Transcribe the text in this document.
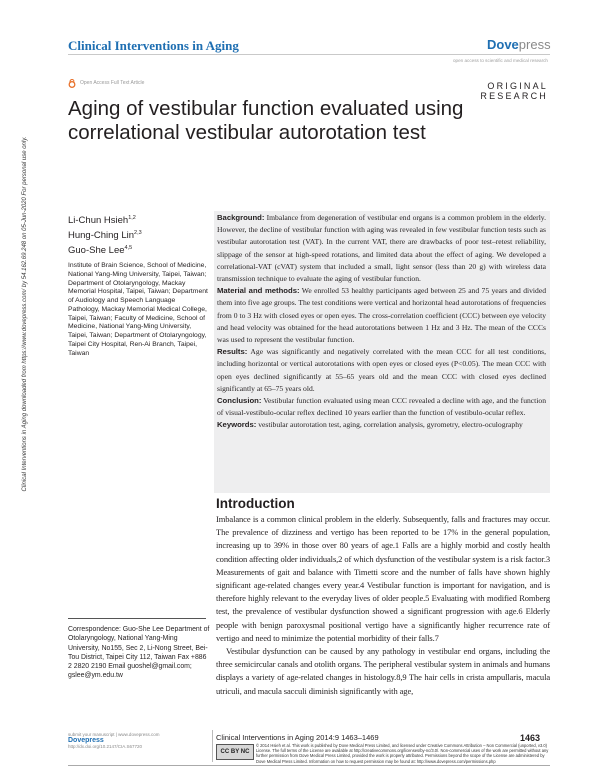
Clinical Interventions in Aging	Dovepress
open access to scientific and medical research
Open Access Full Text Article	ORIGINAL RESEARCH
Aging of vestibular function evaluated using correlational vestibular autorotation test
Clinical Interventions in Aging downloaded from https://www.dovepress.com/ by 54.162.69.248 on 05-Jun-2020 For personal use only.	Li-Chun Hsieh$^{1,2}$
Hung-Ching Lin$^{2,3}$
Guo-She Lee$^{4,5}$
Institute of Brain Science, School of Medicine, National Yang-Ming University, Taipei, Taiwan; Department of Otolaryngology, Mackay Memorial Hospital, Taipei, Taiwan; Department of Audiology and Speech Language Pathology, Mackay Memorial Medical College, Taipei, Taiwan; Faculty of Medicine, School of Medicine, National Yang-Ming University, Taipei, Taiwan; Department of Otolaryngology, Taipei City Hospital, Ren-Ai Branch, Taipei, Taiwan
Background: Imbalance from degeneration of vestibular end organs is a common problem in the elderly. However, the decline of vestibular function with aging was revealed in few vestibular function tests such as vestibular autorotation test (VAT). In the current VAT, there are drawbacks of poor test–retest reliability, slippage of the sensor at high-speed rotations, and limited data about the effect of aging. We developed a correlational-VAT (cVAT) system that included a small, light sensor (less than 20 g) with wireless data transmission technique to evaluate the aging of vestibular function.
Material and methods: We enrolled 53 healthy participants aged between 25 and 75 years and divided them into five age groups. The test conditions were vertical and horizontal head autorotations of frequencies from 0 to 3 Hz with closed eyes or open eyes. The cross-correlation coefficient (CCC) between eye velocity and head velocity was obtained for the head autorotations between 1 Hz and 3 Hz. The mean of the CCCs was used to represent the vestibular function.
Results: Age was significantly and negatively correlated with the mean CCC for all test conditions, including horizontal or vertical autorotations with open eyes or closed eyes (P<0.05). The mean CCC with open eyes declined significantly at 55–65 years old and the mean CCC with closed eyes declined significantly at 65–75 years old.
Conclusion: Vestibular function evaluated using mean CCC revealed a decline with age, and the function of visual-vestibulo-ocular reflex declined 10 years earlier than the function of vestibulo-ocular reflex.
Keywords: vestibular autorotation test, aging, correlation analysis, gyrometry, electro-oculography
Introduction

Imbalance is a common clinical problem in the elderly. Subsequently, falls and fractures may occur. The prevalence of dizziness and vertigo has been reported to be 17% in the general population, increasing up to 39% in those over 80 years of age.1 Falls are a highly morbid and costly health condition affecting older individuals,2 of which dysfunction of the vestibular system is a risk factor.3 Measurements of gait and balance with Timetti score and the number of falls have shown highly significant age-related changes every year.4 Vestibular function is important for navigation, and is therefore highly relevant to the everyday lives of older people.5 Evaluating with modified Romberg test, the prevalence of vestibular dysfunction showed a significant progression with age.6 Elderly people with benign paroxysmal positional vertigo have a significantly higher recurrence rate of vertigo and need to minimize the potential morbidity of their falls.7

Vestibular dysfunction can be caused by any pathology in vestibular end organs, including the three semicircular canals and otolith organs. The peripheral vestibular system in animals and humans displays a variety of age-related changes in histology.8,9 The hair cells in crista ampullaris, macula utriculi, and macula sacculi diminish significantly with age,

Correspondence: Guo-She Lee Department of Otolaryngology, National Yang-Ming University, No155, Sec 2, Li-Nong Street, Bei-Tou District, Taipei City 112, Taiwan Fax +886 2 2820 2190 Email guoshel@gmail.com; gslee@ym.edu.tw
submit your manuscript | www.dovepress.com
Dovepress
http://dx.doi.org/10.2147/CIA.S67720
Clinical Interventions in Aging 2014:9 1463–1469	1463
CC BY NC
© 2014 Hsieh et al. This work is published by Dove Medical Press Limited, and licensed under Creative Commons Attribution – Non Commercial (unported, v3.0) License. The full terms of the License are available at http://creativecommons.org/licenses/by-nc/3.0/. Non-commercial uses of the work are permitted without any further permission from Dove Medical Press Limited, provided the work is properly attributed. Permissions beyond the scope of the License are administered by Dove Medical Press Limited. Information on how to request permission may be found at: http://www.dovepress.com/permissions.php
